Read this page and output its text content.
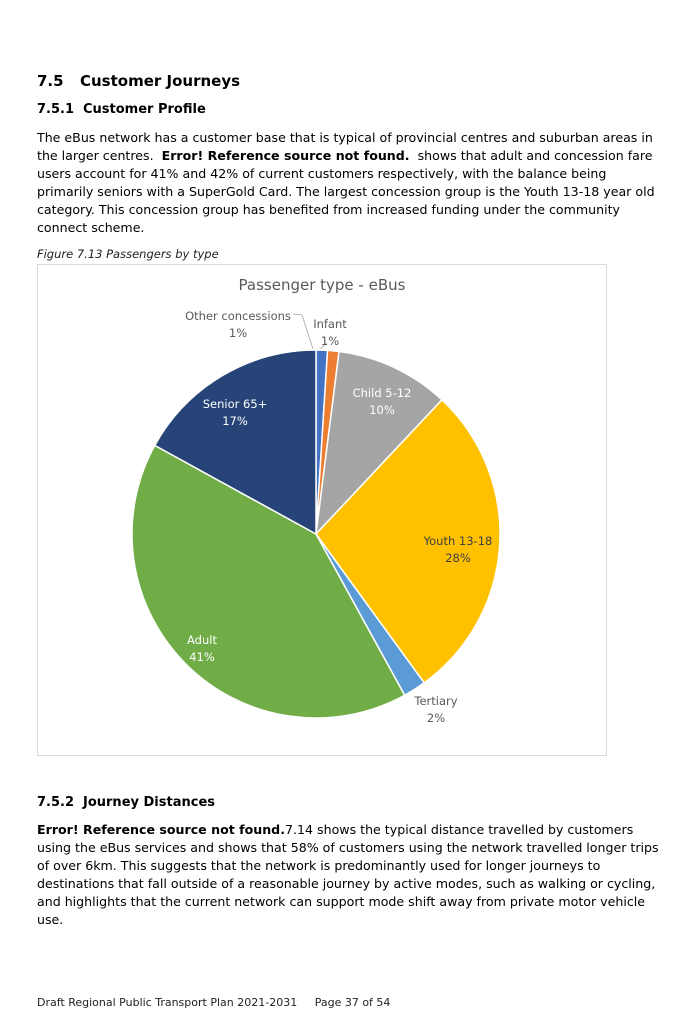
7.5 Customer Journeys
7.5.1 Customer Profile

The eBus network has a customer base that is typical of provincial centres and suburban areas in the larger centres. Error! Reference source not found. shows that adult and concession fare users account for 41% and 42% of current customers respectively, with the balance being primarily seniors with a SuperGold Card. The largest concession group is the Youth 13-18 year old category. This concession group has benefited from increased funding under the community connect scheme.

Figure 7.13 Passengers by type
Passenger type - eBus
Other concessions 1%
Infant 1%
Child 5-12 10%
Youth 13-18 28%
Tertiary 2%
Adult 41%
Senior 65+ 17%
7.5.2 Journey Distances

Error! Reference source not found.7.14 shows the typical distance travelled by customers using the eBus services and shows that 58% of customers using the network travelled longer trips of over 6km. This suggests that the network is predominantly used for longer journeys to destinations that fall outside of a reasonable journey by active modes, such as walking or cycling, and highlights that the current network can support mode shift away from private motor vehicle use.

Draft Regional Public Transport Plan 2021-2031 Page 37 of 54
